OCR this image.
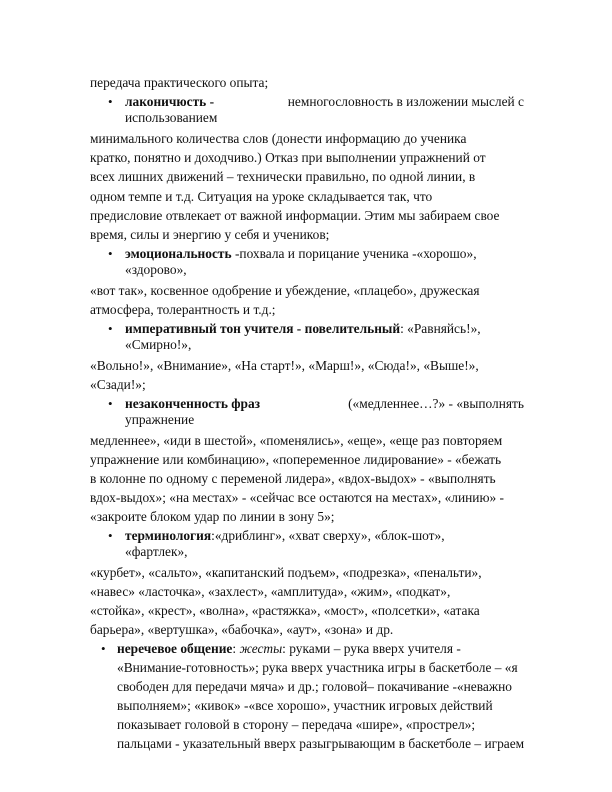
передача практического опыта;
• лаконичюсть -	немногословность в изложении мыслей с
использованием
минимального количества слов (донести информацию до ученика
кратко, понятно и доходчиво.) Отказ при выполнении упражнений от
всех лишних движений – технически правильно, по одной линии, в
одном темпе и т.д. Ситуация на уроке складывается так, что
предисловие отвлекает от важной информации. Этим мы забираем свое
время, силы и энергию у себя и учеников;
• эмоциональность -похвала и порицание ученика -«хорошо»,
«здорово»,
«вот так», косвенное одобрение и убеждение, «плацебо», дружеская
атмосфера, толерантность и т.д.;
• императивный тон учителя - повелительный: «Равняйсь!»,
«Смирно!»,
«Вольно!», «Внимание», «На старт!», «Марш!», «Сюда!», «Выше!»,
«Сзади!»;
• незаконченность фраз	(«медленнее…?» - «выполнять
упражнение
медленнее», «иди в шестой», «поменялись», «еще», «еще раз повторяем
упражнение или комбинацию», «попеременное лидирование» - «бежать
в колонне по одному с переменой лидера», «вдох-выдох» - «выполнять
вдох-выдох»; «на местах» - «сейчас все остаются на местах», «линию» -
«закроите блоком удар по линии в зону 5»;
• терминология:«дриблинг», «хват сверху», «блок-шот»,
«фартлек»,
«курбет», «сальто», «капитанский подъем», «подрезка», «пенальти»,
«навес» «ласточка», «захлест», «амплитуда», «жим», «подкат»,
«стойка», «крест», «волна», «растяжка», «мост», «полсетки», «атака
барьера», «вертушка», «бабочка», «аут», «зона» и др.
• неречевое общение: жесты: руками – рука вверх учителя -
«Внимание-готовность»; рука вверх участника игры в баскетболе – «я
свободен для передачи мяча» и др.; головой– покачивание -«неважно
выполняем»; «кивок» -«все хорошо», участник игровых действий
показывает головой в сторону – передача «шире», «прострел»;
пальцами - указательный вверх разыгрывающим в баскетболе – играем
